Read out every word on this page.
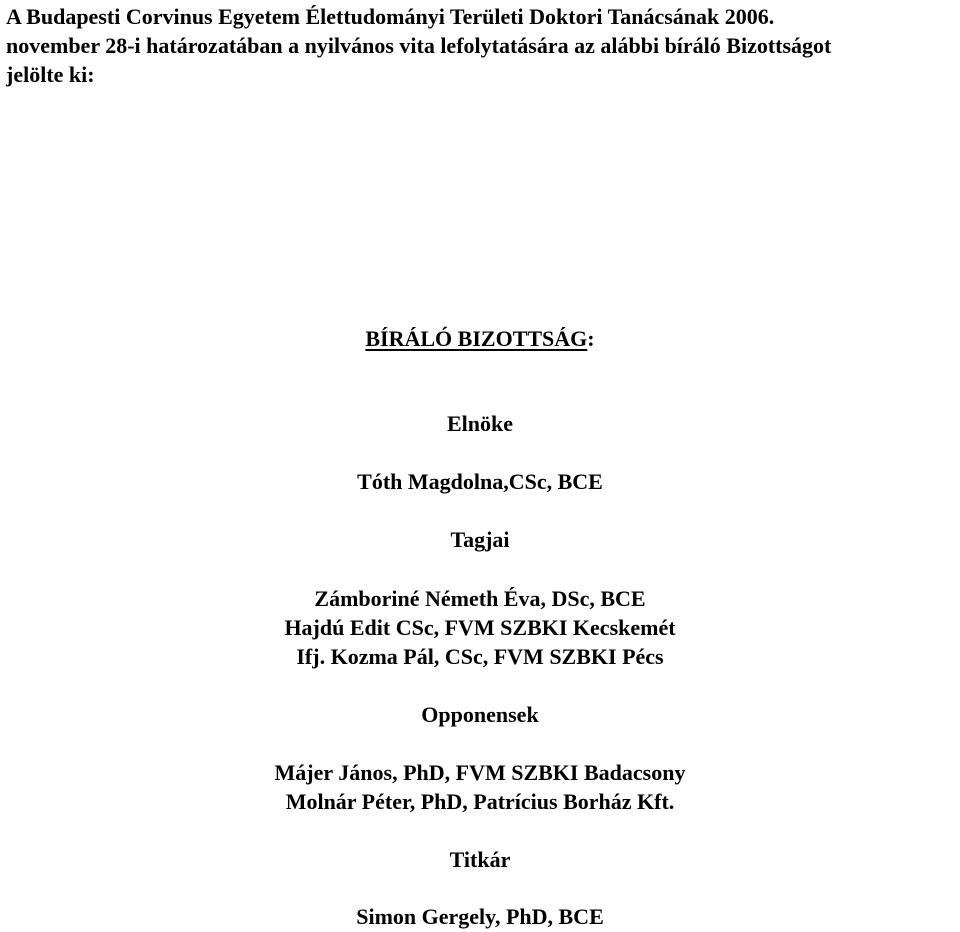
A Budapesti Corvinus Egyetem Élettudományi Területi Doktori Tanácsának 2006.
november 28-i határozatában a nyilvános vita lefolytatására az alábbi bíráló Bizottságot
jelölte ki:
BÍRÁLÓ BIZOTTSÁG:
Elnöke
Tóth Magdolna,CSc, BCE
Tagjai
Zámboriné Németh Éva, DSc, BCE
Hajdú Edit CSc, FVM SZBKI Kecskemét
Ifj. Kozma Pál, CSc, FVM SZBKI Pécs
Opponensek
Májer János, PhD, FVM SZBKI Badacsony
Molnár Péter, PhD, Patrícius Borház Kft.
Titkár
Simon Gergely, PhD, BCE
